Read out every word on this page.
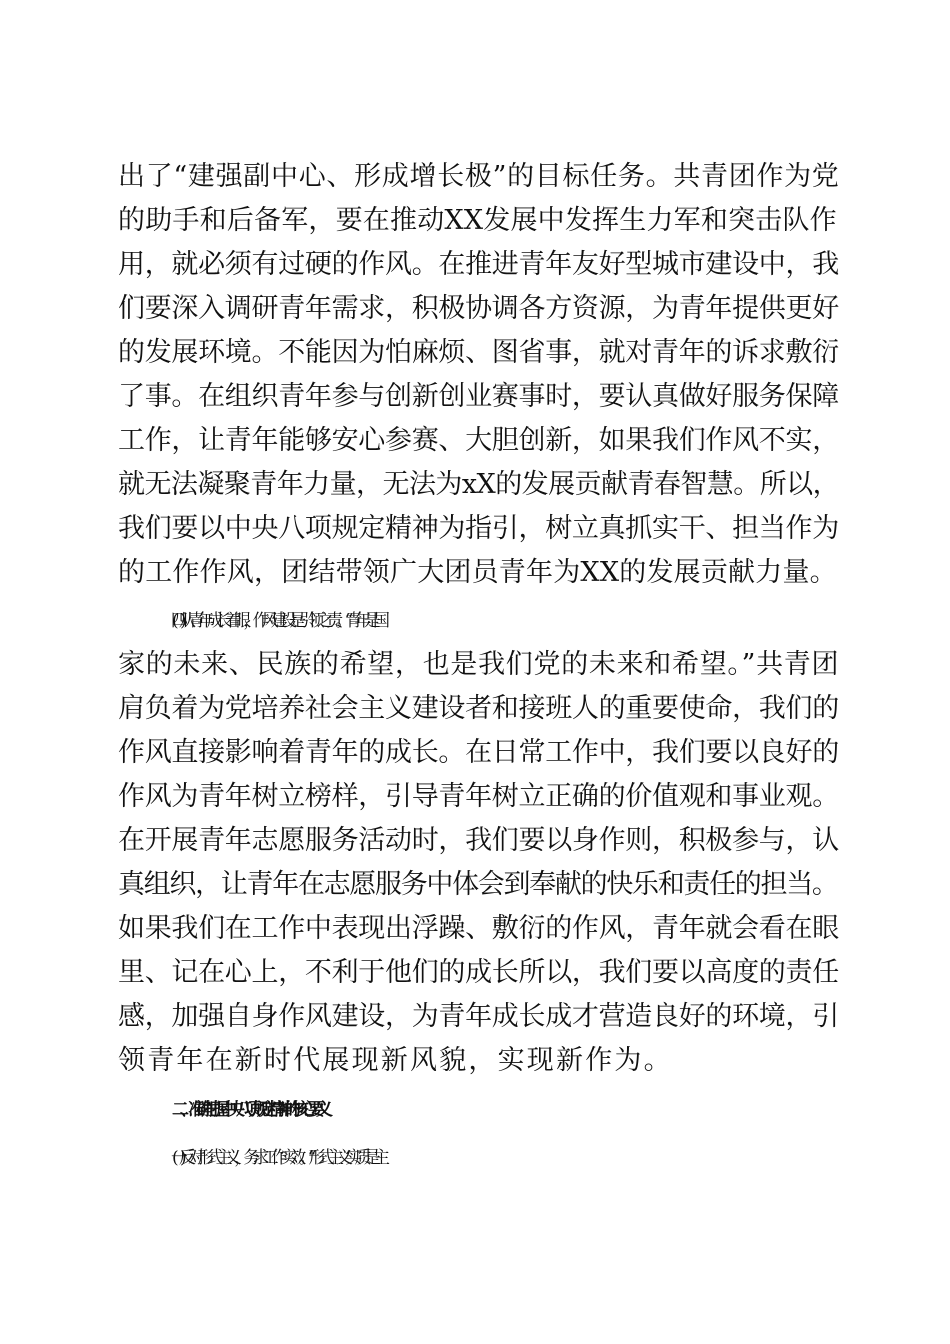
出了“建强副中心、形成增长极”的目标任务。共青团作为党
的助手和后备军，要在推动XX发展中发挥生力军和突击队作
用，就必须有过硬的作风。在推进青年友好型城市建设中，我
们要深入调研青年需求，积极协调各方资源，为青年提供更好
的发展环境。不能因为怕麻烦、图省事，就对青年的诉求敷衍
了事。在组织青年参与创新创业赛事时，要认真做好服务保障
工作，让青年能够安心参赛、大胆创新，如果我们作风不实，
就无法凝聚青年力量，无法为xX的发展贡献青春智慧。所以，
我们要以中央八项规定精神为指引，树立真抓实干、担当作为
的工作作风，团结带领广大团员青年为XX的发展贡献力量。
(四)从青年成长着眼，作风建设是引领之责。“青年是国
家的未来、民族的希望，也是我们党的未来和希望。”共青团
肩负着为党培养社会主义建设者和接班人的重要使命，我们的
作风直接影响着青年的成长。在日常工作中，我们要以良好的
作风为青年树立榜样，引导青年树立正确的价值观和事业观。
在开展青年志愿服务活动时，我们要以身作则，积极参与，认
真组织，让青年在志愿服务中体会到奉献的快乐和责任的担当。
如果我们在工作中表现出浮躁、敷衍的作风，青年就会看在眼
里、记在心上，不利于他们的成长所以，我们要以高度的责任
感，加强自身作风建设，为青年成长成才营造良好的环境，引
领青年在新时代展现新风貌，实现新作为。
二、准确把握中央八项规定精神的核心要义
(一)反对形式主义，务求工作实效。“形式主义实质是主
